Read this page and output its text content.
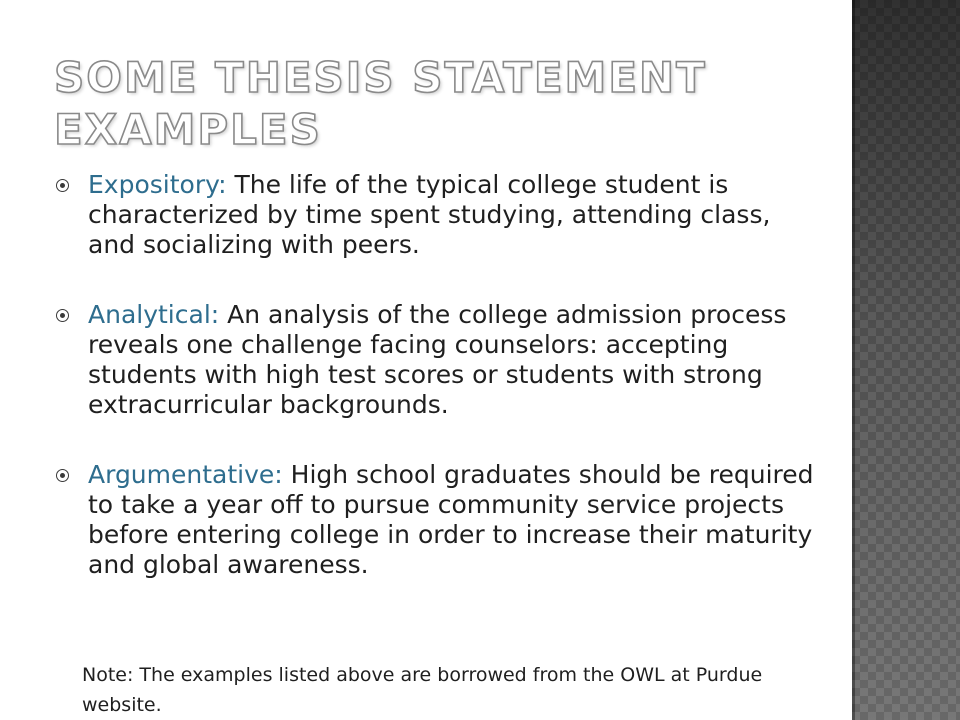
SOME THESIS STATEMENT EXAMPLES
Expository: The life of the typical college student is characterized by time spent studying, attending class, and socializing with peers.
Analytical: An analysis of the college admission process reveals one challenge facing counselors: accepting students with high test scores or students with strong extracurricular backgrounds.
Argumentative: High school graduates should be required to take a year off to pursue community service projects before entering college in order to increase their maturity and global awareness.
Note: The examples listed above are borrowed from the OWL at Purdue website.
